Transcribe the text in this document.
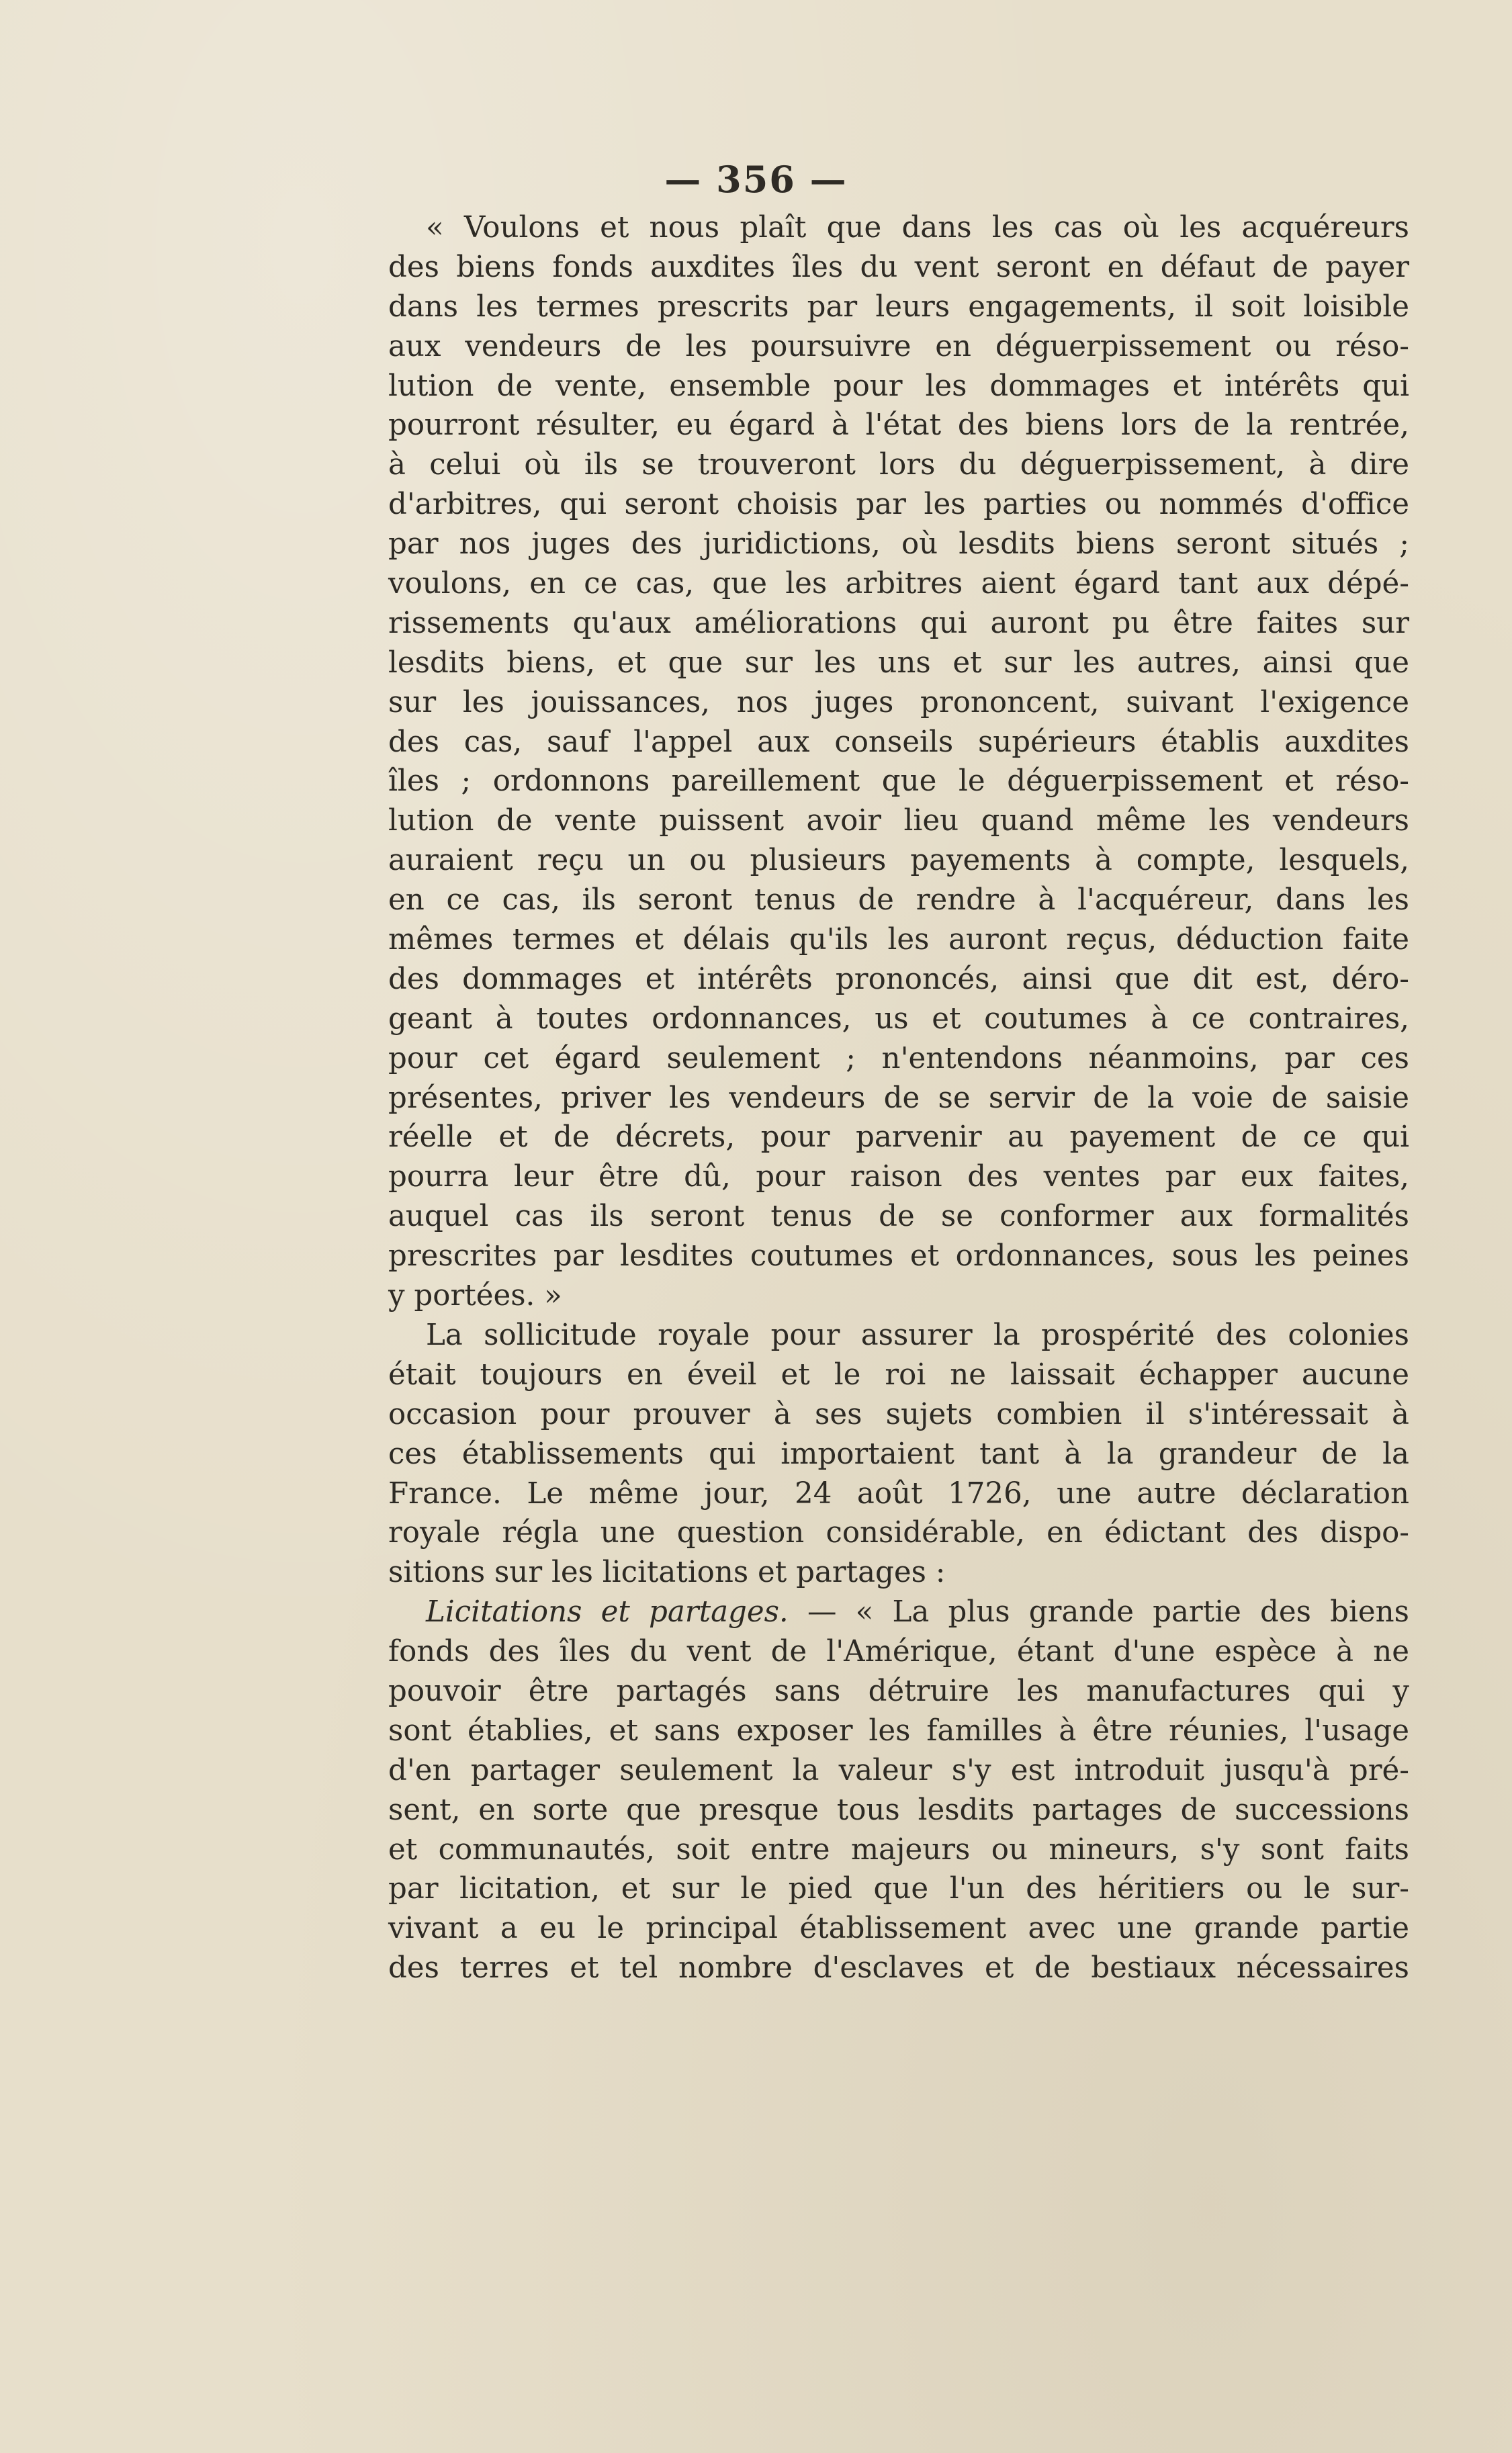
— 356 —
« Voulons et nous plaît que dans les cas où les acquéreurs
des biens fonds auxdites îles du vent seront en défaut de payer
dans les termes prescrits par leurs engagements, il soit loisible
aux vendeurs de les poursuivre en déguerpissement ou réso-
lution de vente, ensemble pour les dommages et intérêts qui
pourront résulter, eu égard à l'état des biens lors de la rentrée,
à celui où ils se trouveront lors du déguerpissement, à dire
d'arbitres, qui seront choisis par les parties ou nommés d'office
par nos juges des juridictions, où lesdits biens seront situés ;
voulons, en ce cas, que les arbitres aient égard tant aux dépé-
rissements qu'aux améliorations qui auront pu être faites sur
lesdits biens, et que sur les uns et sur les autres, ainsi que
sur les jouissances, nos juges prononcent, suivant l'exigence
des cas, sauf l'appel aux conseils supérieurs établis auxdites
îles ; ordonnons pareillement que le déguerpissement et réso-
lution de vente puissent avoir lieu quand même les vendeurs
auraient reçu un ou plusieurs payements à compte, lesquels,
en ce cas, ils seront tenus de rendre à l'acquéreur, dans les
mêmes termes et délais qu'ils les auront reçus, déduction faite
des dommages et intérêts prononcés, ainsi que dit est, déro-
geant à toutes ordonnances, us et coutumes à ce contraires,
pour cet égard seulement ; n'entendons néanmoins, par ces
présentes, priver les vendeurs de se servir de la voie de saisie
réelle et de décrets, pour parvenir au payement de ce qui
pourra leur être dû, pour raison des ventes par eux faites,
auquel cas ils seront tenus de se conformer aux formalités
prescrites par lesdites coutumes et ordonnances, sous les peines
y portées. »
La sollicitude royale pour assurer la prospérité des colonies
était toujours en éveil et le roi ne laissait échapper aucune
occasion pour prouver à ses sujets combien il s'intéressait à
ces établissements qui importaient tant à la grandeur de la
France. Le même jour, 24 août 1726, une autre déclaration
royale régla une question considérable, en édictant des dispo-
sitions sur les licitations et partages :
Licitations et partages. — « La plus grande partie des biens
fonds des îles du vent de l'Amérique, étant d'une espèce à ne
pouvoir être partagés sans détruire les manufactures qui y
sont établies, et sans exposer les familles à être réunies, l'usage
d'en partager seulement la valeur s'y est introduit jusqu'à pré-
sent, en sorte que presque tous lesdits partages de successions
et communautés, soit entre majeurs ou mineurs, s'y sont faits
par licitation, et sur le pied que l'un des héritiers ou le sur-
vivant a eu le principal établissement avec une grande partie
des terres et tel nombre d'esclaves et de bestiaux nécessaires
